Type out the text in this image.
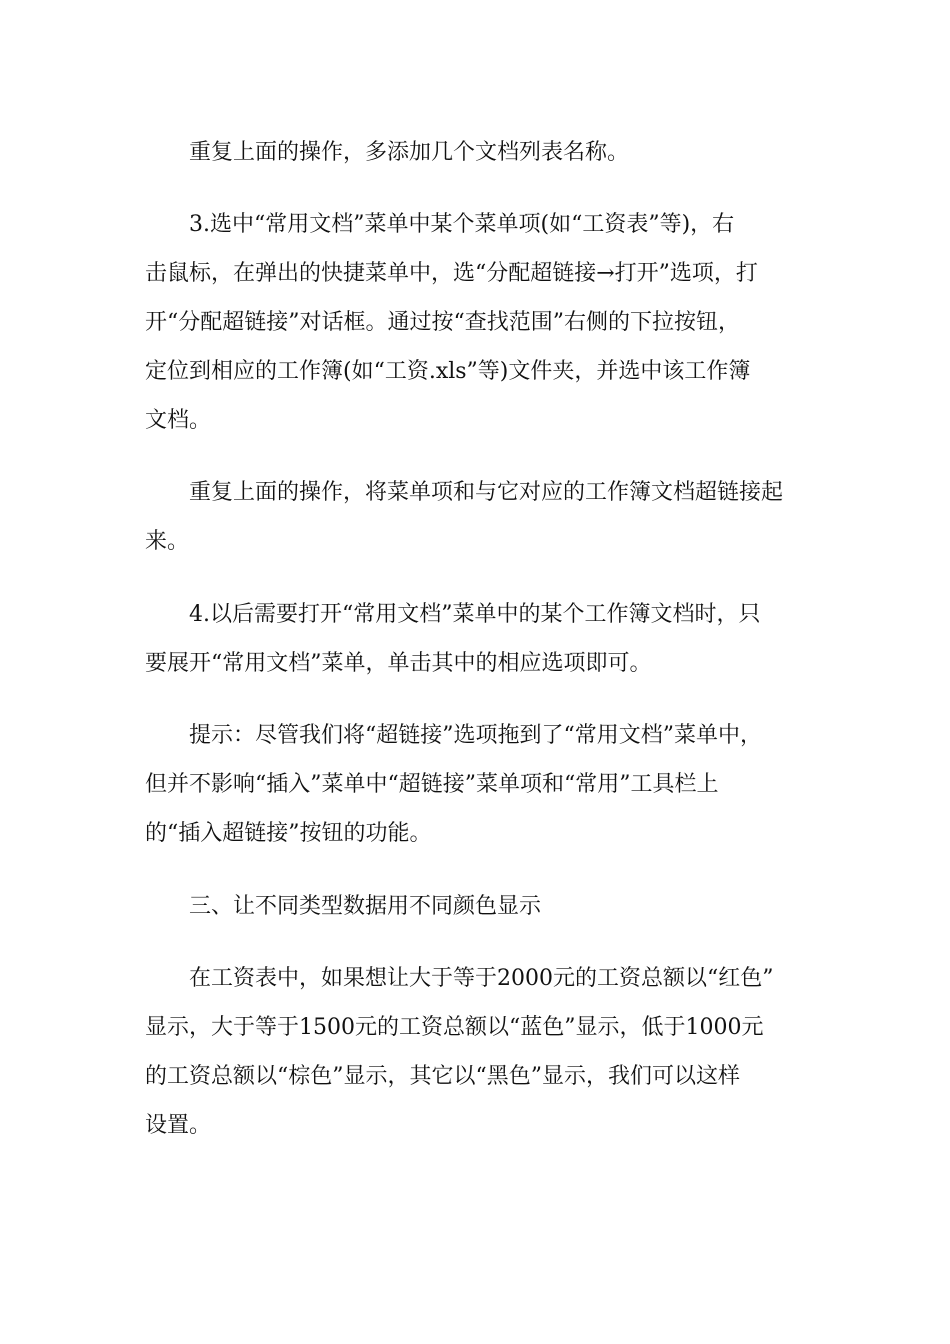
重复上面的操作，多添加几个文档列表名称。
3.选中“常用文档”菜单中某个菜单项(如“工资表”等)，右
击鼠标，在弹出的快捷菜单中，选“分配超链接→打开”选项，打
开“分配超链接”对话框。通过按“查找范围”右侧的下拉按钮，
定位到相应的工作簿(如“工资.xls”等)文件夹，并选中该工作簿
文档。
重复上面的操作，将菜单项和与它对应的工作簿文档超链接起
来。
4.以后需要打开“常用文档”菜单中的某个工作簿文档时，只
要展开“常用文档”菜单，单击其中的相应选项即可。
提示：尽管我们将“超链接”选项拖到了“常用文档”菜单中，
但并不影响“插入”菜单中“超链接”菜单项和“常用”工具栏上
的“插入超链接”按钮的功能。
三、让不同类型数据用不同颜色显示
在工资表中，如果想让大于等于2000元的工资总额以“红色”
显示，大于等于1500元的工资总额以“蓝色”显示，低于1000元
的工资总额以“棕色”显示，其它以“黑色”显示，我们可以这样
设置。
